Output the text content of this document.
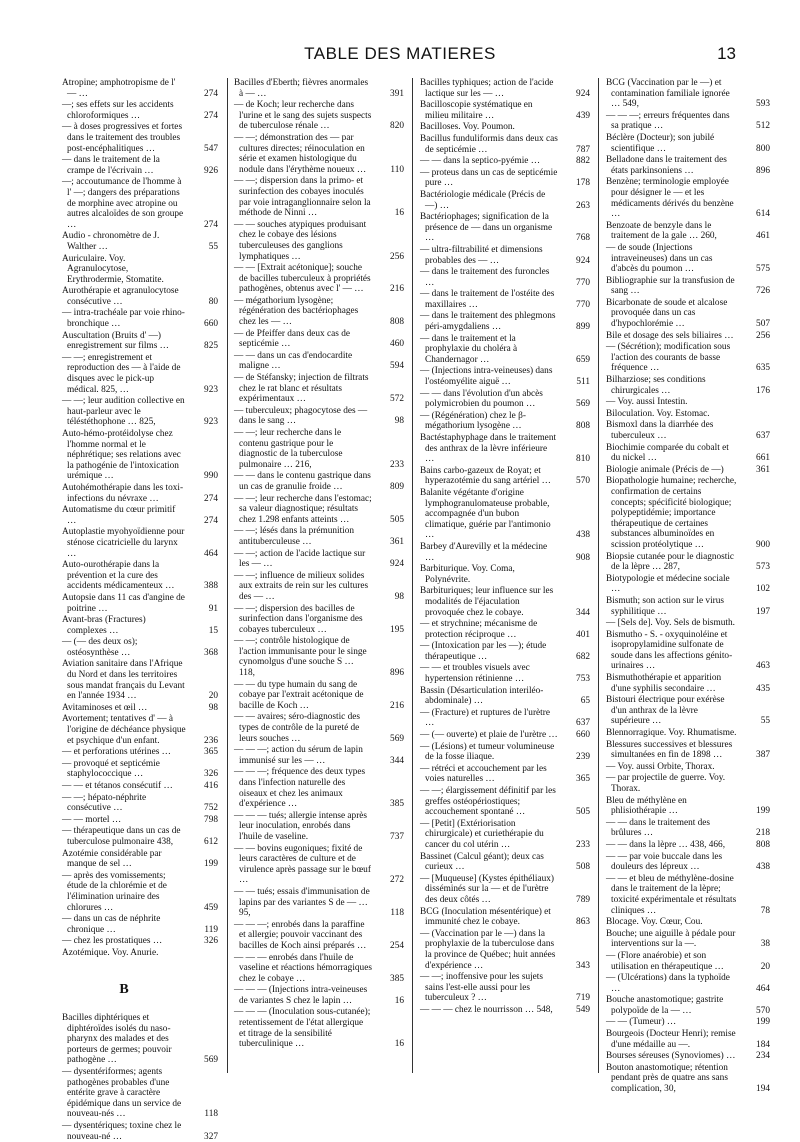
TABLE DES MATIERES	13
Atropine; amphotropisme de l' — …	274
—; ses effets sur les accidents chloroformiques …	274
— à doses progressives et fortes dans le traitement des troubles post-encéphalitiques …	547
— dans le traitement de la crampe de l'écrivain …	926
—; accoutumance de l'homme à l' —; dangers des préparations de morphine avec atropine ou autres alcaloïdes de son groupe …	274
Audio - chronomètre de J. Walther …	55
Auriculaire. Voy. Agranulocytose, Erythrodermie, Stomatite.
Aurothérapie et agranulocytose consécutive …	80
— intra-trachéale par voie rhino-bronchique …	660
Auscultation (Bruits d' —) enregistrement sur films …	825
— —; enregistrement et reproduction des — à l'aide de disques avec le pick-up médical. 825, …	923
— —; leur audition collective en haut-parleur avec le téléstéthophone … 825,	923
Auto-hémo-protéidolyse chez l'homme normal et le néphrétique; ses relations avec la pathogénie de l'intoxication urémique …	990
Autohémothérapie dans les toxi-infections du névraxe …	274
Automatisme du cœur primitif …	274
Autoplastie myohyoïdienne pour sténose cicatricielle du larynx …	464
Auto-ourothérapie dans la prévention et la cure des accidents médicamenteux …	388
Autopsie dans 11 cas d'angine de poitrine …	91
Avant-bras (Fractures) complexes …	15
— (— des deux os); ostéosynthèse …	368
Aviation sanitaire dans l'Afrique du Nord et dans les territoires sous mandat français du Levant en l'année 1934 …	20
Avitaminoses et œil …	98
Avortement; tentatives d' — à l'origine de déchéance physique et psychique d'un enfant.	236
— et perforations utérines …	365
— provoqué et septicémie staphylococcique …	326
— — et tétanos consécutif …	416
— —; hépato-néphrite consécutive …	752
— — mortel …	798
— thérapeutique dans un cas de tuberculose pulmonaire 438,	612
Azotémie considérable par manque de sel …	199
— après des vomissements; étude de la chlorémie et de l'élimination urinaire des chlorures …	459
— dans un cas de néphrite chronique …	119
— chez les prostatiques …	326
Azotémique. Voy. Anurie.
B
Bacilles diphtériques et diphtéroïdes isolés du naso-pharynx des malades et des porteurs de germes; pouvoir pathogène …	569
— dysentériformes; agents pathogènes probables d'une entérite grave à caractère épidémique dans un service de nouveau-nés …	118
— dysentériques; toxine chez le nouveau-né …	327
Bacilles d'Eberth; fièvres anormales à — …	391
— de Koch; leur recherche dans l'urine et le sang des sujets suspects de tuberculose rénale …	820
— —; démonstration des — par cultures directes; réinoculation en série et examen histologique du nodule dans l'érythème noueux …	110
— —; dispersion dans la primo- et surinfection des cobayes inoculés par voie intraganglionnaire selon la méthode de Ninni …	16
— — souches atypiques produisant chez le cobaye des lésions tuberculeuses des ganglions lymphatiques …	256
— — [Extrait acétonique]; souche de bacilles tuberculeux à propriétés pathogènes, obtenus avec l' — …	216
— mégathorium lysogène; régénération des bactériophages chez les — …	808
— de Pfeiffer dans deux cas de septicémie …	460
— — dans un cas d'endocardite maligne …	594
— de Stéfansky; injection de filtrats chez le rat blanc et résultats expérimentaux …	572
— tuberculeux; phagocytose des — dans le sang …	98
— —; leur recherche dans le contenu gastrique pour le diagnostic de la tuberculose pulmonaire … 216,	233
— — dans le contenu gastrique dans un cas de granulie froide …	809
— —; leur recherche dans l'estomac; sa valeur diagnostique; résultats chez 1.298 enfants atteints …	505
— —; lésés dans la prémunition antituberculeuse …	361
— —; action de l'acide lactique sur les — …	924
— —; influence de milieux solides aux extraits de rein sur les cultures des — …	98
— —; dispersion des bacilles de surinfection dans l'organisme des cobayes tuberculeux …	195
— —; contrôle histologique de l'action immunisante pour le singe cynomolgus d'une souche S … 118,	896
— — du type humain du sang de cobaye par l'extrait acétonique de bacille de Koch …	216
— — avaires; séro-diagnostic des types de contrôle de la pureté de leurs souches …	569
— — —; action du sérum de lapin immunisé sur les — …	344
— — —; fréquence des deux types dans l'infection naturelle des oiseaux et chez les animaux d'expérience …	385
— — — tués; allergie intense après leur inoculation, enrobés dans l'huile de vaseline.	737
— — bovins eugoniques; fixité de leurs caractères de culture et de virulence après passage sur le bœuf …	272
— — tués; essais d'immunisation de lapins par des variantes S de — … 95,	118
— — —; enrobés dans la paraffine et allergie; pouvoir vaccinant des bacilles de Koch ainsi préparés …	254
— — — enrobés dans l'huile de vaseline et réactions hémorragiques chez le cobaye …	385
— — — (Injections intra-veineuses de variantes S chez le lapin …	16
— — — (Inoculation sous-cutanée); retentissement de l'état allergique et titrage de la sensibilité tuberculinique …	16
Bacilles typhiques; action de l'acide lactique sur les — …	924
Bacilloscopie systématique en milieu militaire …	439
Bacilloses. Voy. Poumon.
Bacillus funduliformis dans deux cas de septicémie …	787
— — dans la septico-pyémie …	882
— proteus dans un cas de septicémie pure …	178
Bactériologie médicale (Précis de —) …	263
Bactériophages; signification de la présence de — dans un organisme …	768
— ultra-filtrabilité et dimensions probables des — …	924
— dans le traitement des furoncles …	770
— dans le traitement de l'ostéite des maxillaires …	770
— dans le traitement des phlegmons péri-amygdaliens …	899
— dans le traitement et la prophylaxie du choléra à Chandernagor …	659
— (Injections intra-veineuses) dans l'ostéomyélite aiguë …	511
— — dans l'évolution d'un abcès polymicrobien du poumon …	569
— (Régénération) chez le β-mégathorium lysogène …	808
Bactéstaphyphage dans le traitement des anthrax de la lèvre inférieure …	810
Bains carbo-gazeux de Royat; et hyperazotémie du sang artériel …	570
Balanite végétante d'origine lymphogranulomateuse probable, accompagnée d'un bubon climatique, guérie par l'antimonio …	438
Barbey d'Aurevilly et la médecine …	908
Barbiturique. Voy. Coma, Polynévrite.
Barbituriques; leur influence sur les modalités de l'éjaculation provoquée chez le cobaye.	344
— et strychnine; mécanisme de protection réciproque …	401
— (Intoxication par les —); étude thérapeutique …	682
— — et troubles visuels avec hypertension rétinienne …	753
Bassin (Désarticulation interiléo-abdominale) …	65
— (Fracture) et ruptures de l'urètre …	637
— (— ouverte) et plaie de l'urètre …	660
— (Lésions) et tumeur volumineuse de la fosse iliaque.	239
— rétréci et accouchement par les voies naturelles …	365
— —; élargissement définitif par les greffes ostéopériostiques; accouchement spontané …	505
— [Petit] (Extériorisation chirurgicale) et curiethérapie du cancer du col utérin …	233
Bassinet (Calcul géant); deux cas curieux …	508
— [Muqueuse] (Kystes épithéliaux) disséminés sur la — et de l'urètre des deux côtés …	789
BCG (Inoculation mésentérique) et immunité chez le cobaye.	863
— (Vaccination par le —) dans la prophylaxie de la tuberculose dans la province de Québec; huit années d'expérience …	343
— —; inoffensive pour les sujets sains l'est-elle aussi pour les tuberculeux ? …	719
— — — chez le nourrisson … 548,	549
BCG (Vaccination par le —) et contamination familiale ignorée … 549,	593
— — —; erreurs fréquentes dans sa pratique …	512
Béclère (Docteur); son jubilé scientifique …	800
Belladone dans le traitement des états parkinsoniens …	896
Benzène; terminologie employée pour désigner le — et les médicaments dérivés du benzène …	614
Benzoate de benzyle dans le traitement de la gale … 260,	461
— de soude (Injections intraveineuses) dans un cas d'abcès du poumon …	575
Bibliographie sur la transfusion de sang …	726
Bicarbonate de soude et alcalose provoquée dans un cas d'hypochlorémie …	507
Bile et dosage des sels biliaires …	256
— (Sécrétion); modification sous l'action des courants de basse fréquence …	635
Bilharziose; ses conditions chirurgicales …	176
— Voy. aussi Intestin.
Biloculation. Voy. Estomac.
Bismoxl dans la diarrhée des tuberculeux …	637
Biochimie comparée du cobalt et du nickel …	661
Biologie animale (Précis de —)	361
Biopathologie humaine; recherche, confirmation de certains concepts; spécificité biologique; polypeptidémie; importance thérapeutique de certaines substances albuminoïdes en scission protéolytique …	900
Biopsie cutanée pour le diagnostic de la lèpre … 287,	573
Biotypologie et médecine sociale …	102
Bismuth; son action sur le virus syphilitique …	197
— [Sels de]. Voy. Sels de bismuth.
Bismutho - S. - oxyquinoléine et isopropylamidine sulfonate de soude dans les affections génito-urinaires …	463
Bismuthothérapie et apparition d'une syphilis secondaire …	435
Bistouri électrique pour exérèse d'un anthrax de la lèvre supérieure …	55
Blennorragique. Voy. Rhumatisme.
Blessures successives et blessures simultanées en fin de 1898 …	387
— Voy. aussi Orbite, Thorax.
— par projectile de guerre. Voy. Thorax.
Bleu de méthylène en phlisiothérapie …	199
— — dans le traitement des brûlures …	218
— — dans la lèpre … 438, 466,	808
— — par voie buccale dans les douleurs des lépreux …	438
— — et bleu de méthylène-dosine dans le traitement de la lèpre; toxicité expérimentale et résultats cliniques …	78
Blocage. Voy. Cœur, Cou.
Bouche; une aiguille à pédale pour interventions sur la —.	38
— (Flore anaérobie) et son utilisation en thérapeutique …	20
— (Ulcérations) dans la typhoïde …	464
Bouche anastomotique; gastrite polypoïde de la — …	570
— — (Tumeur) …	199
Bourgeois (Docteur Henri); remise d'une médaille au —.	184
Bourses séreuses (Synoviomes) …	234
Bouton anastomotique; rétention pendant près de quatre ans sans complication, 30,	194
